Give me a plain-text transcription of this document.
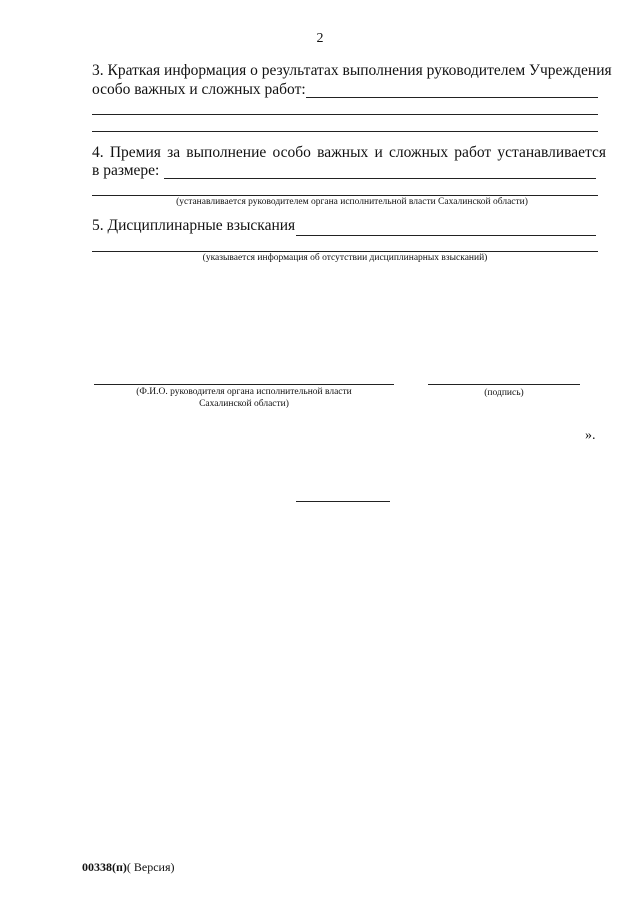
2
3. Краткая информация о результатах выполнения руководителем Учреждения
особо важных и сложных работ:
4. Премия за выполнение особо важных и сложных работ устанавливается
в размере:
(устанавливается руководителем органа исполнительной власти Сахалинской области)
5. Дисциплинарные взыскания
(указывается информация об отсутствии дисциплинарных взысканий)
(Ф.И.О. руководителя органа исполнительной власти
Сахалинской области)
(подпись)
».
00338(п)( Версия)
